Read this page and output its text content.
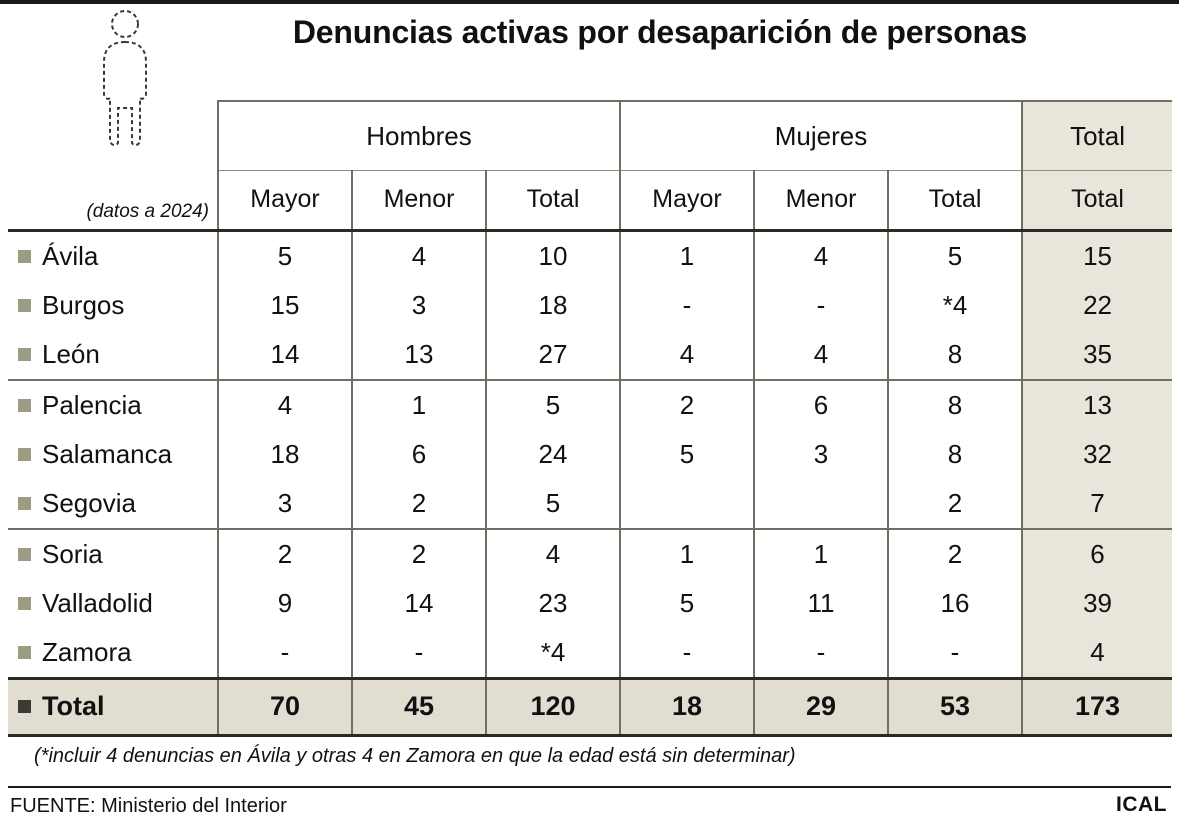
Denuncias activas por desaparición de personas
	Hombres			Mujeres			Total
(datos a 2024)	Mayor	Menor	Total	Mayor	Menor	Total	Total
Ávila	5	4	10	1	4	5	15
Burgos	15	3	18	-	-	*4	22
León	14	13	27	4	4	8	35
Palencia	4	1	5	2	6	8	13
Salamanca	18	6	24	5	3	8	32
Segovia	3	2	5			2	7
Soria	2	2	4	1	1	2	6
Valladolid	9	14	23	5	11	16	39
Zamora	-	-	*4	-	-	-	4
Total	70	45	120	18	29	53	173
(*incluir 4 denuncias en Ávila y otras 4 en Zamora en que la edad está sin determinar)
FUENTE: Ministerio del Interior	ICAL
